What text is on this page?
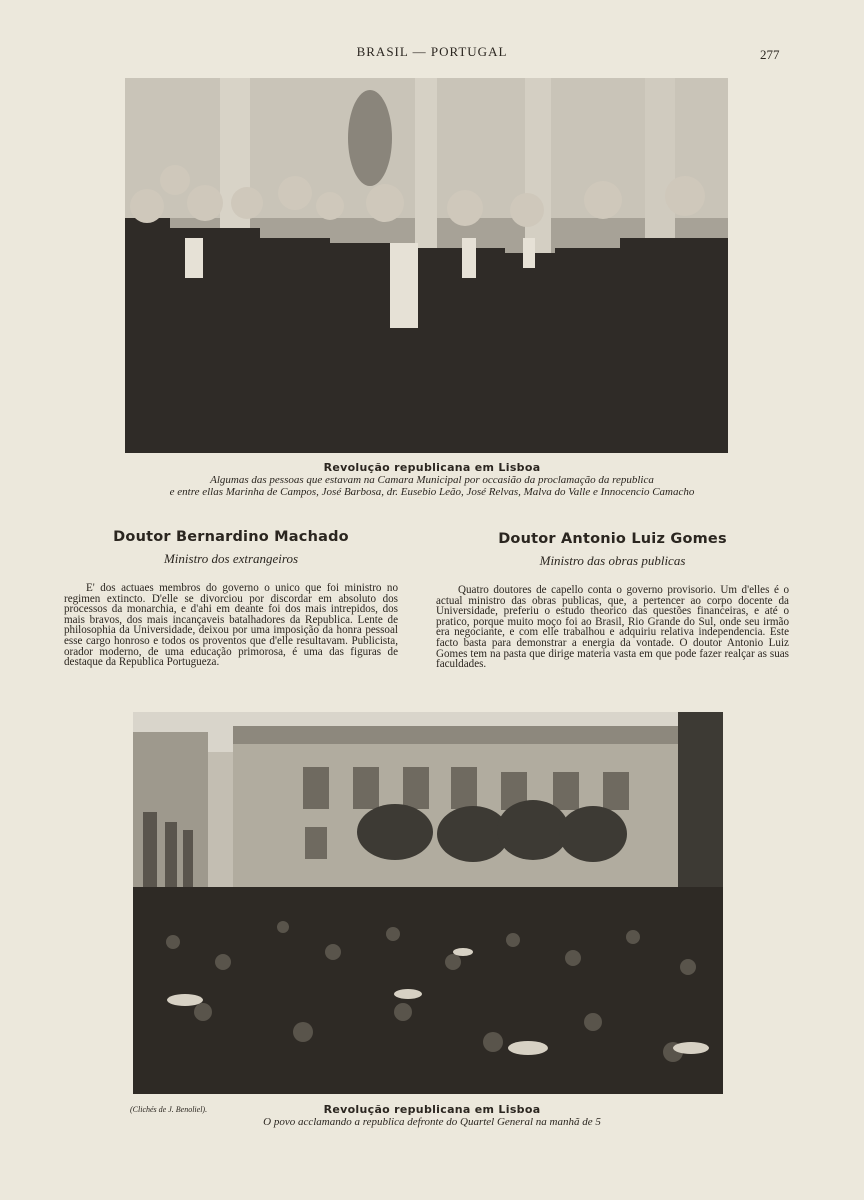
BRASIL — PORTUGAL	277
Revolução republicana em Lisboa
Algumas das pessoas que estavam na Camara Municipal por occasião da proclamação da republica
e entre ellas Marinha de Campos, José Barbosa, dr. Eusebio Leão, José Relvas, Malva do Valle e Innocencio Camacho
Doutor Bernardino Machado
Ministro dos extrangeiros
E' dos actuaes membros do governo o unico que foi ministro no regimen extincto. D'elle se divorciou por discordar em absoluto dos processos da monarchia, e d'ahi em deante foi dos mais intrepidos, dos mais bravos, dos mais incançaveis batalhadores da Republica. Lente de philosophia da Universidade, deixou por uma imposição da honra pessoal esse cargo honroso e todos os proventos que d'elle resultavam. Publicista, orador moderno, de uma educação primorosa, é uma das figuras de destaque da Republica Portugueza.
Doutor Antonio Luiz Gomes
Ministro das obras publicas
Quatro doutores de capello conta o governo provisorio. Um d'elles é o actual ministro das obras publicas, que, a pertencer ao corpo docente da Universidade, preferiu o estudo theorico das questões financeiras, e até o pratico, porque muito moço foi ao Brasil, Rio Grande do Sul, onde seu irmão era negociante, e com elle trabalhou e adquiriu relativa independencia. Este facto basta para demonstrar a energia da vontade. O doutor Antonio Luiz Gomes tem na pasta que dirige materia vasta em que pode fazer realçar as suas faculdades.
(Clichés de J. Benoliel).	Revolução republicana em Lisboa
O povo acclamando a republica defronte do Quartel General na manhã de 5
